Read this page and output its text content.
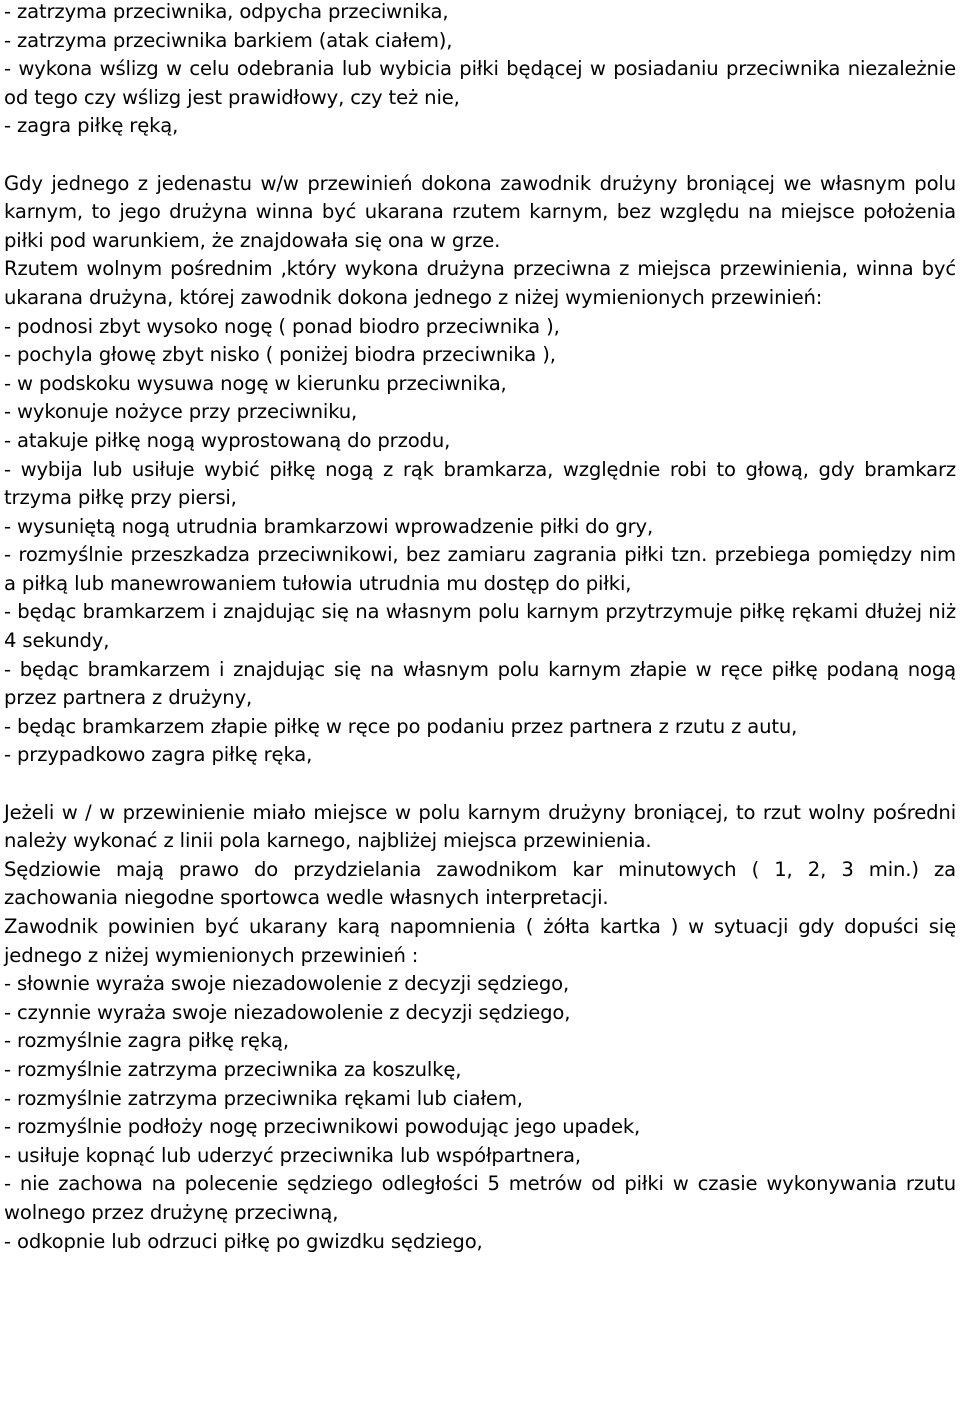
- zatrzyma przeciwnika, odpycha przeciwnika,

- zatrzyma przeciwnika barkiem (atak ciałem),

- wykona wślizg w celu odebrania lub wybicia piłki będącej w posiadaniu przeciwnika niezależnie od tego czy wślizg jest prawidłowy, czy też nie,

- zagra piłkę ręką,

Gdy jednego z jedenastu w/w przewinień dokona zawodnik drużyny broniącej we własnym polu karnym, to jego drużyna winna być ukarana rzutem karnym, bez względu na miejsce położenia piłki pod warunkiem, że znajdowała się ona w grze.

Rzutem wolnym pośrednim ,który wykona drużyna przeciwna z miejsca przewinienia, winna być ukarana drużyna, której zawodnik dokona jednego z niżej wymienionych przewinień:

- podnosi zbyt wysoko nogę ( ponad biodro przeciwnika ),

- pochyla głowę zbyt nisko ( poniżej biodra przeciwnika ),

- w podskoku wysuwa nogę w kierunku przeciwnika,

- wykonuje nożyce przy przeciwniku,

- atakuje piłkę nogą wyprostowaną do przodu,

- wybija lub usiłuje wybić piłkę nogą z rąk bramkarza, względnie robi to głową, gdy bramkarz trzyma piłkę przy piersi,

- wysuniętą nogą utrudnia bramkarzowi wprowadzenie piłki do gry,

- rozmyślnie przeszkadza przeciwnikowi, bez zamiaru zagrania piłki tzn. przebiega pomiędzy nim a piłką lub manewrowaniem tułowia utrudnia mu dostęp do piłki,

- będąc bramkarzem i znajdując się na własnym polu karnym przytrzymuje piłkę rękami dłużej niż 4 sekundy,

- będąc bramkarzem i znajdując się na własnym polu karnym złapie w ręce piłkę podaną nogą przez partnera z drużyny,

- będąc bramkarzem złapie piłkę w ręce po podaniu przez partnera z rzutu z autu,

- przypadkowo zagra piłkę ręka,

Jeżeli w / w przewinienie miało miejsce w polu karnym drużyny broniącej, to rzut wolny pośredni należy wykonać z linii pola karnego, najbliżej miejsca przewinienia.

Sędziowie mają prawo do przydzielania zawodnikom kar minutowych ( 1, 2, 3 min.) za zachowania niegodne sportowca wedle własnych interpretacji.

Zawodnik powinien być ukarany karą napomnienia ( żółta kartka ) w sytuacji gdy dopuści się jednego z niżej wymienionych przewinień :

- słownie wyraża swoje niezadowolenie z decyzji sędziego,

- czynnie wyraża swoje niezadowolenie z decyzji sędziego,

- rozmyślnie zagra piłkę ręką,

- rozmyślnie zatrzyma przeciwnika za koszulkę,

- rozmyślnie zatrzyma przeciwnika rękami lub ciałem,

- rozmyślnie podłoży nogę przeciwnikowi powodując jego upadek,

- usiłuje kopnąć lub uderzyć przeciwnika lub współpartnera,

- nie zachowa na polecenie sędziego odległości 5 metrów od piłki w czasie wykonywania rzutu wolnego przez drużynę przeciwną,

- odkopnie lub odrzuci piłkę po gwizdku sędziego,
